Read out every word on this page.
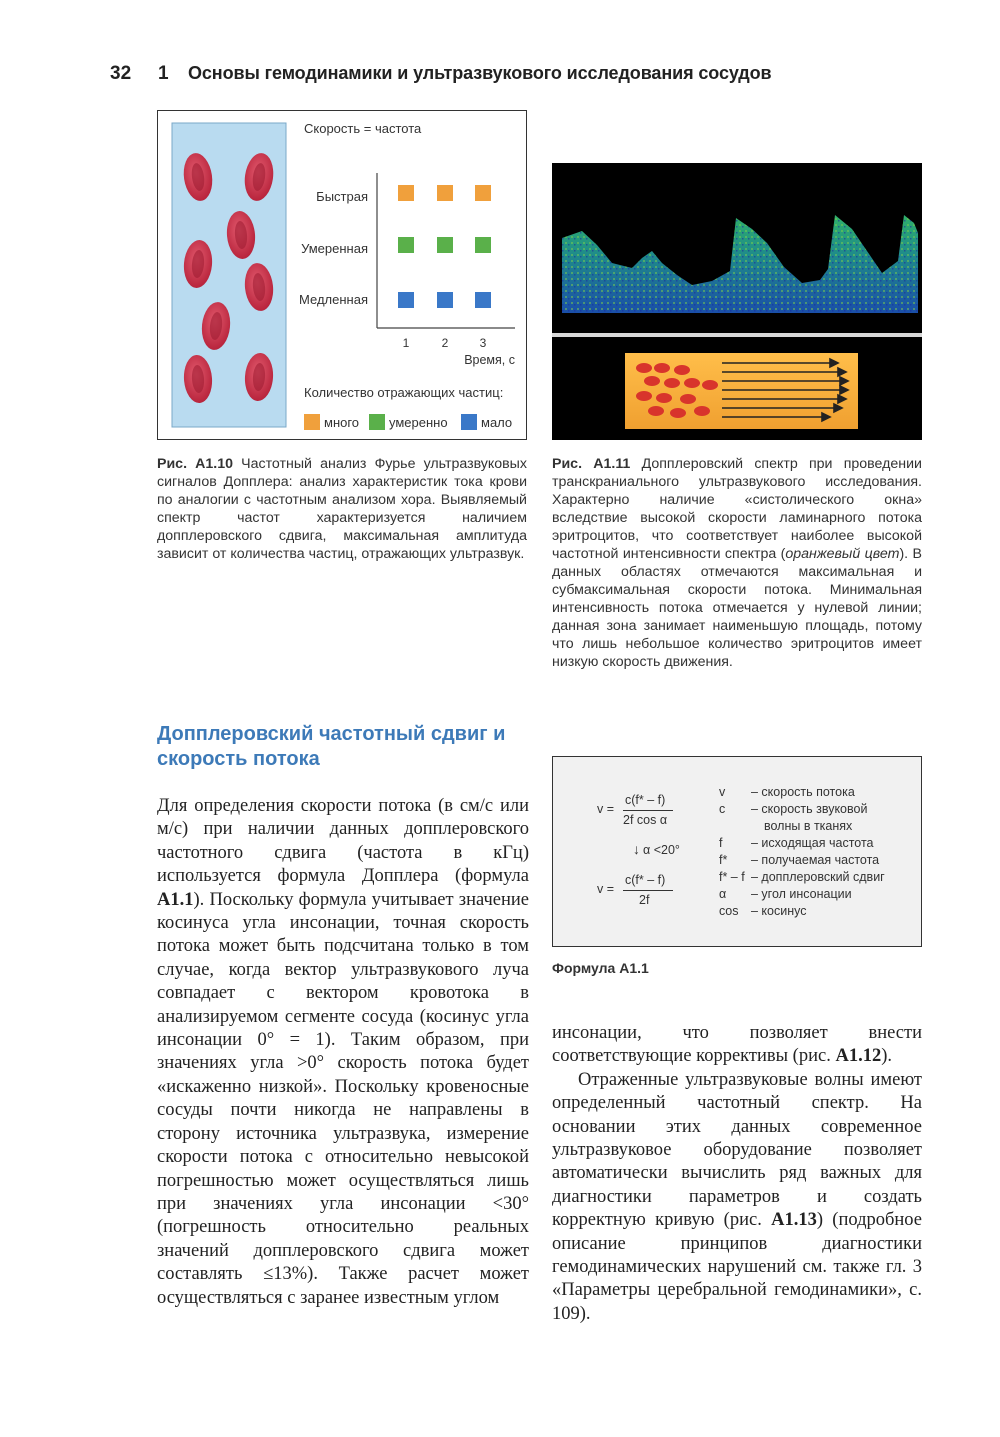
32 1 Основы гемодинамики и ультразвукового исследования сосудов
Скорость = частота
Быстрая
Умеренная
Медленная
1	2	3
Время, с
Количество отражающих частиц:
много умеренно	мало
Рис. A1.10 Частотный анализ Фурье ультразвуковых сигналов Допплера: анализ характеристик тока крови по аналогии с частотным анализом хора. Выявляемый спектр частот характеризуется наличием допплеровского сдвига, максимальная амплитуда зависит от количества частиц, отражающих ультразвук.
Рис. A1.11 Допплеровский спектр при проведении транскраниального ультразвукового исследования. Характерно наличие «систолического окна» вследствие высокой скорости ламинарного потока эритроцитов, что соответствует наиболее высокой частотной интенсивности спектра (оранжевый цвет). В данных областях отмечаются максимальная и субмаксимальная скорости потока. Минимальная интенсивность потока отмечается у нулевой линии; данная зона занимает наименьшую площадь, потому что лишь небольшое количество эритроцитов имеет низкую скорость движения.
Допплеровский частотный сдвиг и скорость потока
v =
c(f* – f)
2f cos α
↓ α <20°
v =
c(f* – f)
2f
v – скорость потока
c – скорость звуковой
волны в тканях
f – исходящая частота
f* – получаемая частота
f* – f – допплеровский сдвиг
α – угол инсонации
cos – косинус
Формула A1.1

Для определения скорости потока (в см/с или м/с) при наличии данных допплеровского частотного сдвига (частота в кГц) используется формула Допплера (формула A1.1). Поскольку формула учитывает значение косинуса угла инсонации, точная скорость потока может быть подсчитана только в том случае, когда вектор ультразвукового луча совпадает с вектором кровотока в анализируемом сегменте сосуда (косинус угла инсонации 0° = 1). Таким образом, при значениях угла >0° скорость потока будет «искаженно низкой». Поскольку кровеносные сосуды почти никогда не направлены в сторону источника ультразвука, измерение скорости потока с относительно невысокой погрешностью может осуществляться лишь при значениях угла инсонации <30° (погрешность относительно реальных значений допплеровского сдвига может составлять ≤13%). Также расчет может осуществляться с заранее известным углом

инсонации, что позволяет внести соответствующие коррективы (рис. A1.12).

Отраженные ультразвуковые волны имеют определенный частотный спектр. На основании этих данных современное ультразвуковое оборудование позволяет автоматически вычислить ряд важных для диагностики параметров и создать корректную кривую (рис. A1.13) (подробное описание принципов диагностики гемодинамических нарушений см. также гл. 3 «Параметры церебральной гемодинамики», с. 109).
